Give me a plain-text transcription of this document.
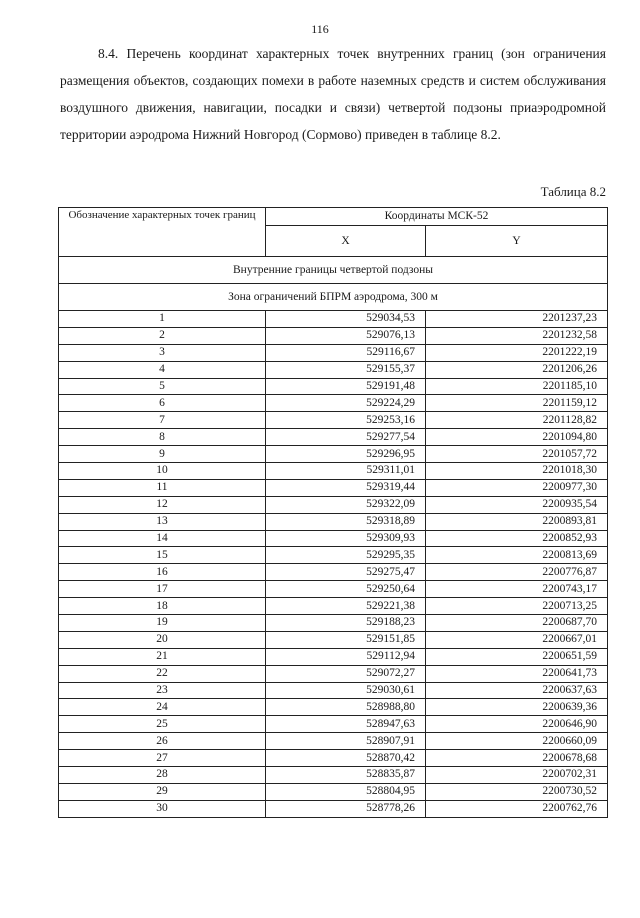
116

8.4. Перечень координат характерных точек внутренних границ (зон ограничения размещения объектов, создающих помехи в работе наземных средств и систем обслуживания воздушного движения, навигации, посадки и связи) четвертой подзоны приаэродромной территории аэродрома Нижний Новгород (Сормово) приведен в таблице 8.2.

Таблица 8.2
Обозначение характерных точек границ	Координаты МСК-52	
	X	Y
Внутренние границы четвертой подзоны		
Зона ограничений БПРМ аэродрома, 300 м		
1	529034,53	2201237,23
2	529076,13	2201232,58
3	529116,67	2201222,19
4	529155,37	2201206,26
5	529191,48	2201185,10
6	529224,29	2201159,12
7	529253,16	2201128,82
8	529277,54	2201094,80
9	529296,95	2201057,72
10	529311,01	2201018,30
11	529319,44	2200977,30
12	529322,09	2200935,54
13	529318,89	2200893,81
14	529309,93	2200852,93
15	529295,35	2200813,69
16	529275,47	2200776,87
17	529250,64	2200743,17
18	529221,38	2200713,25
19	529188,23	2200687,70
20	529151,85	2200667,01
21	529112,94	2200651,59
22	529072,27	2200641,73
23	529030,61	2200637,63
24	528988,80	2200639,36
25	528947,63	2200646,90
26	528907,91	2200660,09
27	528870,42	2200678,68
28	528835,87	2200702,31
29	528804,95	2200730,52
30	528778,26	2200762,76
